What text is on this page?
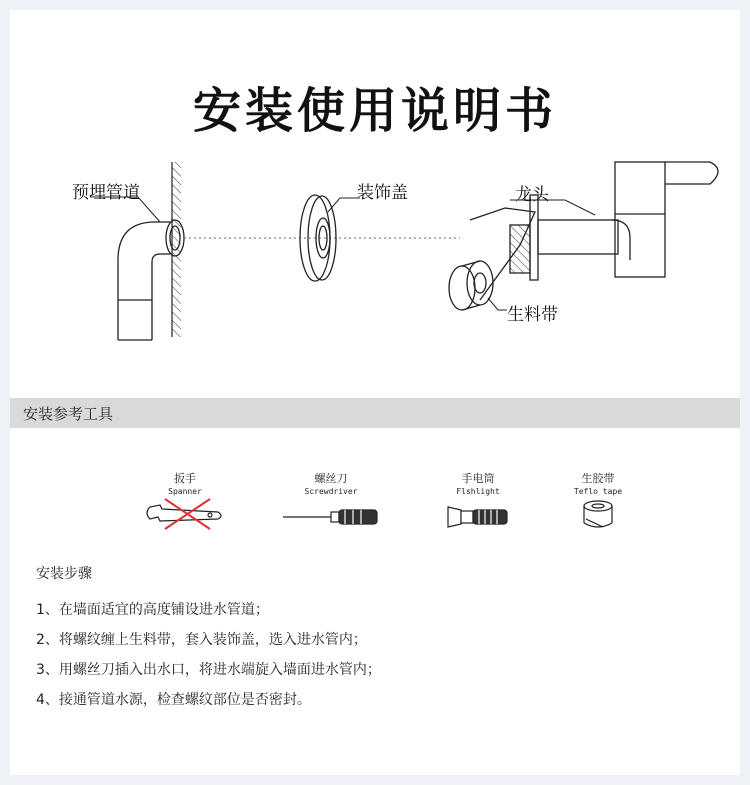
安装使用说明书
预埋管道	装饰盖	龙头
生料带
安装参考工具
扳手
Spanner
螺丝刀
Screwdriver
手电筒
Flshlight
生胶带
Teflo tape
安装步骤
1、在墙面适宜的高度铺设进水管道；
2、将螺纹缠上生料带，套入装饰盖，选入进水管内；
3、用螺丝刀插入出水口，将进水端旋入墙面进水管内；
4、接通管道水源，检查螺纹部位是否密封。
